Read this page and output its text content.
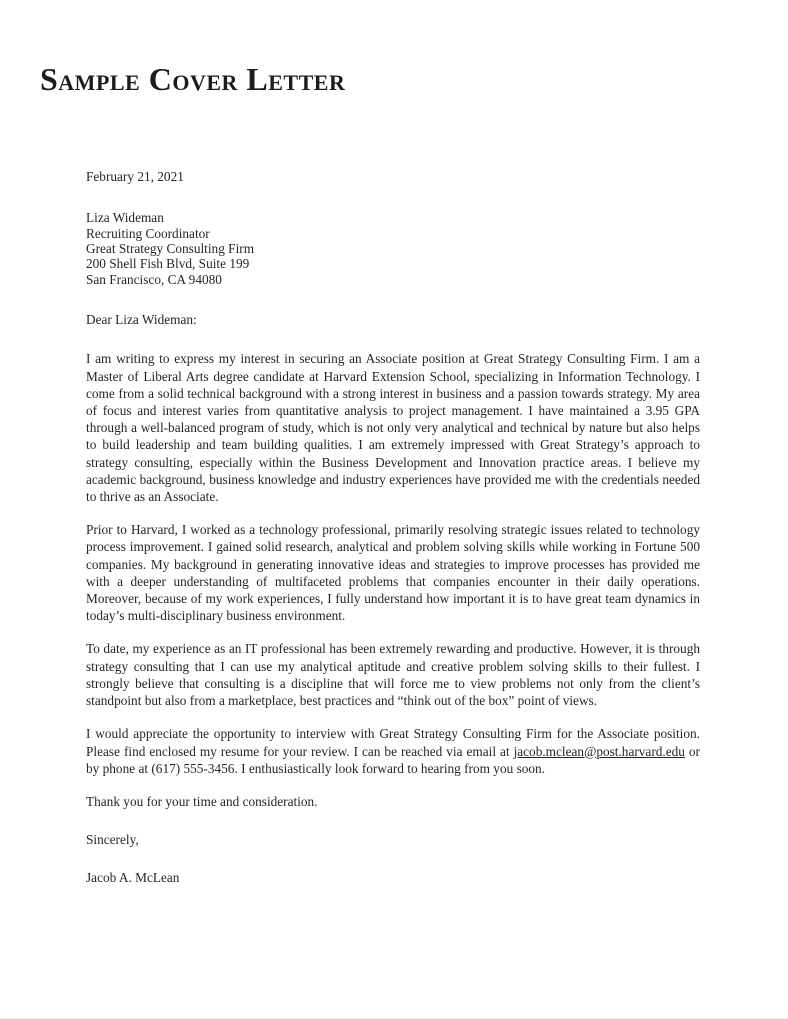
Sample Cover Letter
February 21, 2021
Liza Wideman
Recruiting Coordinator
Great Strategy Consulting Firm
200 Shell Fish Blvd, Suite 199
San Francisco, CA 94080
Dear Liza Wideman:

I am writing to express my interest in securing an Associate position at Great Strategy Consulting Firm. I am a Master of Liberal Arts degree candidate at Harvard Extension School, specializing in Information Technology. I come from a solid technical background with a strong interest in business and a passion towards strategy. My area of focus and interest varies from quantitative analysis to project management. I have maintained a 3.95 GPA through a well-balanced program of study, which is not only very analytical and technical by nature but also helps to build leadership and team building qualities. I am extremely impressed with Great Strategy’s approach to strategy consulting, especially within the Business Development and Innovation practice areas. I believe my academic background, business knowledge and industry experiences have provided me with the credentials needed to thrive as an Associate.

Prior to Harvard, I worked as a technology professional, primarily resolving strategic issues related to technology process improvement. I gained solid research, analytical and problem solving skills while working in Fortune 500 companies. My background in generating innovative ideas and strategies to improve processes has provided me with a deeper understanding of multifaceted problems that companies encounter in their daily operations. Moreover, because of my work experiences, I fully understand how important it is to have great team dynamics in today’s multi-disciplinary business environment.

To date, my experience as an IT professional has been extremely rewarding and productive. However, it is through strategy consulting that I can use my analytical aptitude and creative problem solving skills to their fullest. I strongly believe that consulting is a discipline that will force me to view problems not only from the client’s standpoint but also from a marketplace, best practices and “think out of the box” point of views.

I would appreciate the opportunity to interview with Great Strategy Consulting Firm for the Associate position. Please find enclosed my resume for your review. I can be reached via email at jacob.mclean@post.harvard.edu or by phone at (617) 555-3456. I enthusiastically look forward to hearing from you soon.

Thank you for your time and consideration.
Sincerely,
Jacob A. McLean
